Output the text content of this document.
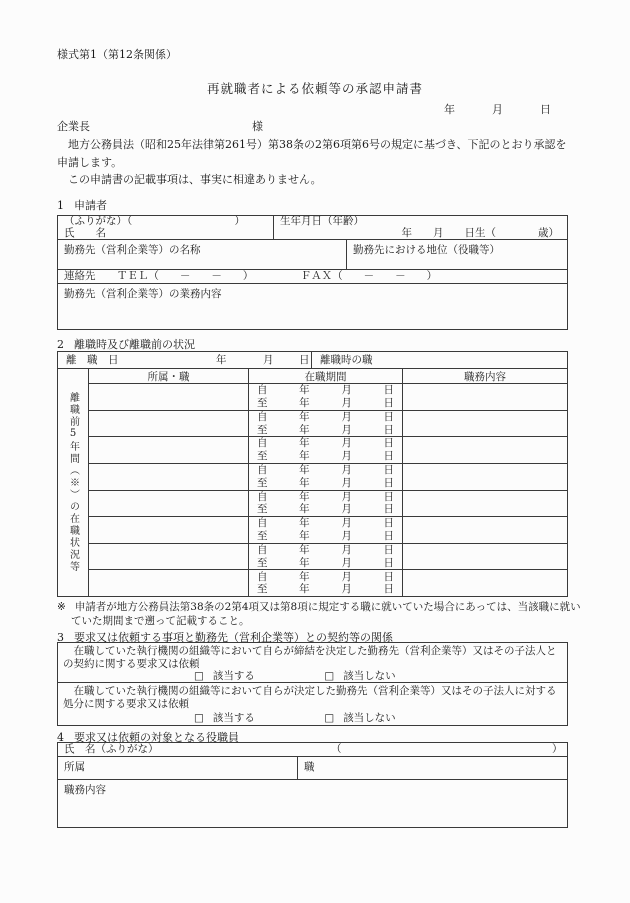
様式第1（第12条関係）
再就職者による依頼等の承認申請書
年	月	日
企業長	様

地方公務員法（昭和25年法律第261号）第38条の2第6項第6号の規定に基づき、下記のとおり承認を申請します。

この申請書の記載事項は、事実に相違ありません。

1 申請者
（ふりがな）（	）
氏　　名
生年月日（年齢）
年　　月　　日生（　　　　歳）
勤務先（営利企業等）の名称	勤務先における地位（役職等）
連絡先 ＴＥＬ（　　－　　－　　）	ＦＡＸ（　　－　　－　　）
勤務先（営利企業等）の業務内容
2 離職時及び離職前の状況
離　職　日	年	月 日	離職時の職
離職前5年間（※）の在職状況等
所属・職	在職期間	職務内容
自	年	月	日
至	年	月	日
自	年	月	日
至	年	月	日
自	年	月	日
至	年	月	日
自	年	月	日
至	年	月	日
自	年	月	日
至	年	月	日
自	年	月	日
至	年	月	日
自	年	月	日
至	年	月	日
自	年	月	日
至	年	月	日
※ 申請者が地方公務員法第38条の2第4項又は第8項に規定する職に就いていた場合にあっては、当該職に就いていた期間まで遡って記載すること。
3 要求又は依頼する事項と勤務先（営利企業等）との契約等の関係

在職していた執行機関の組織等において自らが締結を決定した勤務先（営利企業等）又はその子法人との契約に関する要求又は依頼

□ 該当する	□ 該当しない

在職していた執行機関の組織等において自らが決定した勤務先（営利企業等）又はその子法人に対する処分に関する要求又は依頼

□ 該当する	□ 該当しない
4 要求又は依頼の対象となる役職員
氏　名（ふりがな）	（	）
所属	職
職務内容
